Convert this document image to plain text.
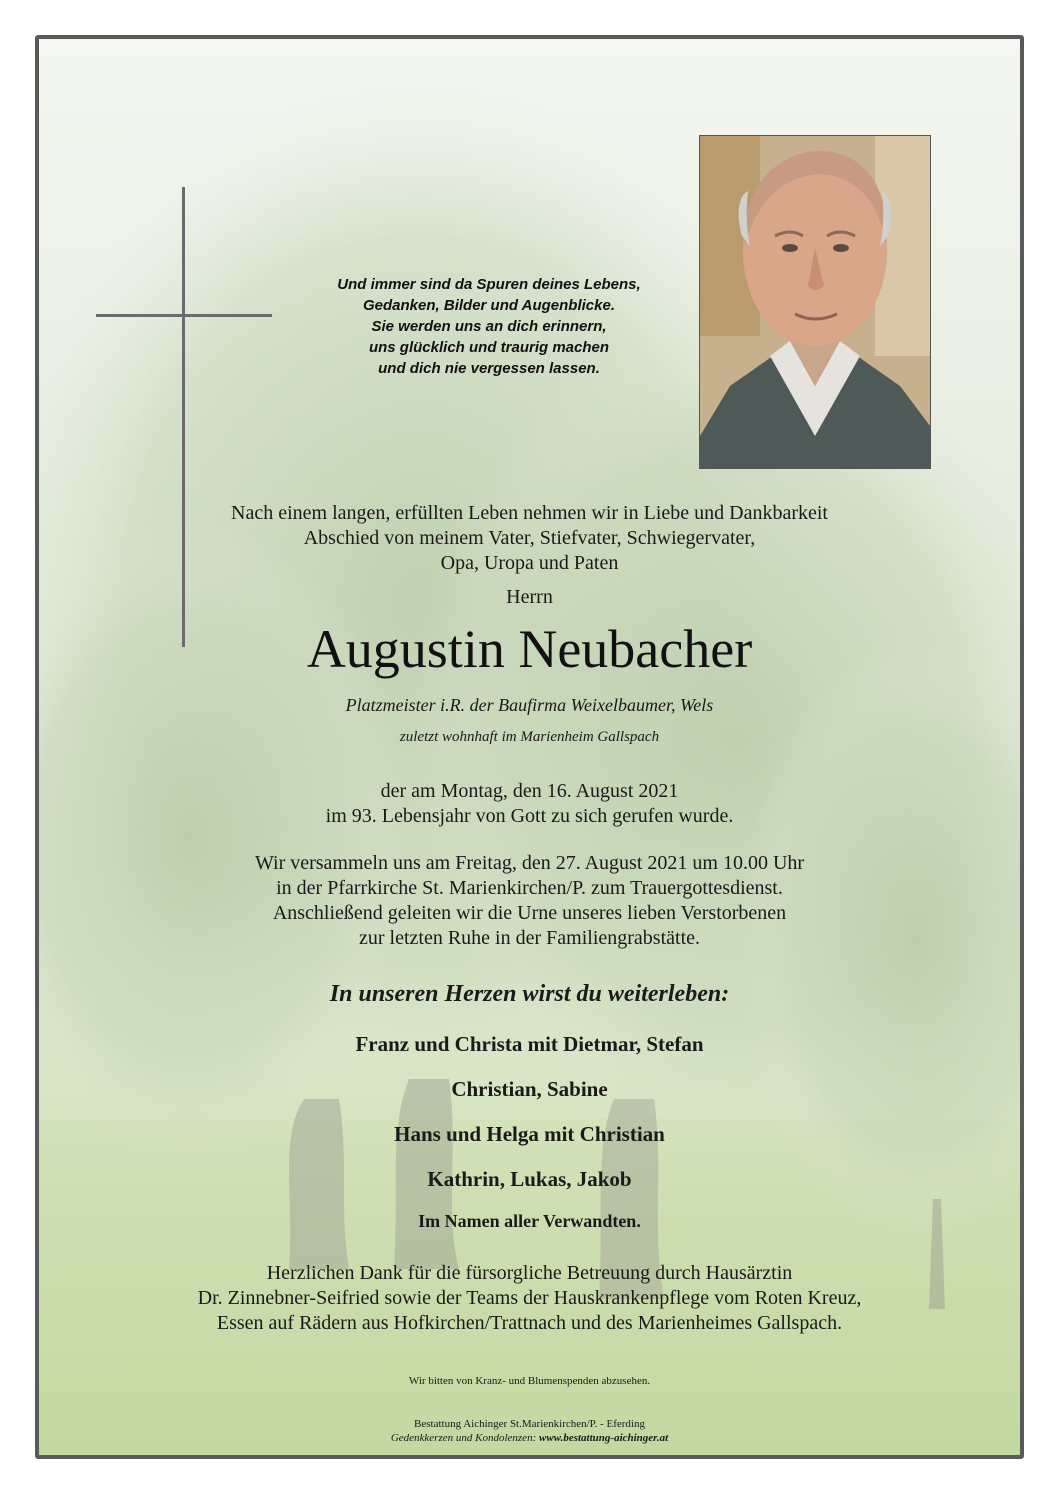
Und immer sind da Spuren deines Lebens,
Gedanken, Bilder und Augenblicke.
Sie werden uns an dich erinnern,
uns glücklich und traurig machen
und dich nie vergessen lassen.
Nach einem langen, erfüllten Leben nehmen wir in Liebe und Dankbarkeit
Abschied von meinem Vater, Stiefvater, Schwiegervater,
Opa, Uropa und Paten
Herrn
Augustin Neubacher
Platzmeister i.R. der Baufirma Weixelbaumer, Wels
zuletzt wohnhaft im Marienheim Gallspach
der am Montag, den 16. August 2021
im 93. Lebensjahr von Gott zu sich gerufen wurde.
Wir versammeln uns am Freitag, den 27. August 2021 um 10.00 Uhr
in der Pfarrkirche St. Marienkirchen/P. zum Trauergottesdienst.
Anschließend geleiten wir die Urne unseres lieben Verstorbenen
zur letzten Ruhe in der Familiengrabstätte.
In unseren Herzen wirst du weiterleben:
Franz und Christa mit Dietmar, Stefan
Christian, Sabine
Hans und Helga mit Christian
Kathrin, Lukas, Jakob
Im Namen aller Verwandten.
Herzlichen Dank für die fürsorgliche Betreuung durch Hausärztin
Dr. Zinnebner-Seifried sowie der Teams der Hauskrankenpflege vom Roten Kreuz,
Essen auf Rädern aus Hofkirchen/Trattnach und des Marienheimes Gallspach.
Wir bitten von Kranz- und Blumenspenden abzusehen.
Bestattung Aichinger St.Marienkirchen/P. - Eferding
Gedenkkerzen und Kondolenzen: www.bestattung-aichinger.at
